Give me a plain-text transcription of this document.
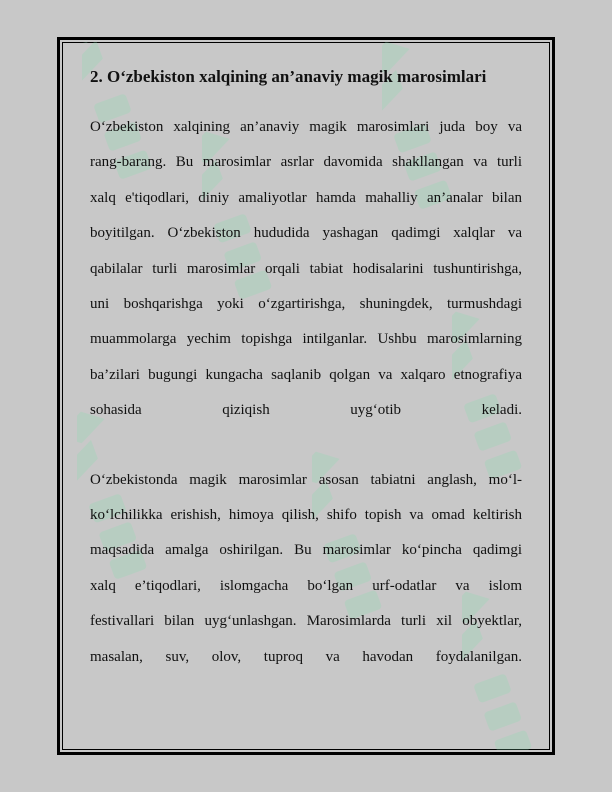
2. O‘zbekiston xalqining an’anaviy magik marosimlari

O‘zbekiston xalqining an’anaviy magik marosimlari juda boy va
rang-barang. Bu marosimlar asrlar davomida shakllangan va turli
xalq e'tiqodlari, diniy amaliyotlar hamda mahalliy an’analar bilan
boyitilgan. O‘zbekiston hududida yashagan qadimgi xalqlar va
qabilalar turli marosimlar orqali tabiat hodisalarini tushuntirishga,
uni boshqarishga yoki o‘zgartirishga, shuningdek, turmushdagi
muammolarga yechim topishga intilganlar. Ushbu marosimlarning
ba’zilari bugungi kungacha saqlanib qolgan va xalqaro etnografiya
sohasida qiziqish uyg‘otib keladi.

O‘zbekistonda magik marosimlar asosan tabiatni anglash, mo‘l-
ko‘lchilikka erishish, himoya qilish, shifo topish va omad keltirish
maqsadida amalga oshirilgan. Bu marosimlar ko‘pincha qadimgi
xalq e’tiqodlari, islomgacha bo‘lgan urf-odatlar va islom
festivallari bilan uyg‘unlashgan. Marosimlarda turli xil obyektlar,
masalan, suv, olov, tuproq va havodan foydalanilgan.
